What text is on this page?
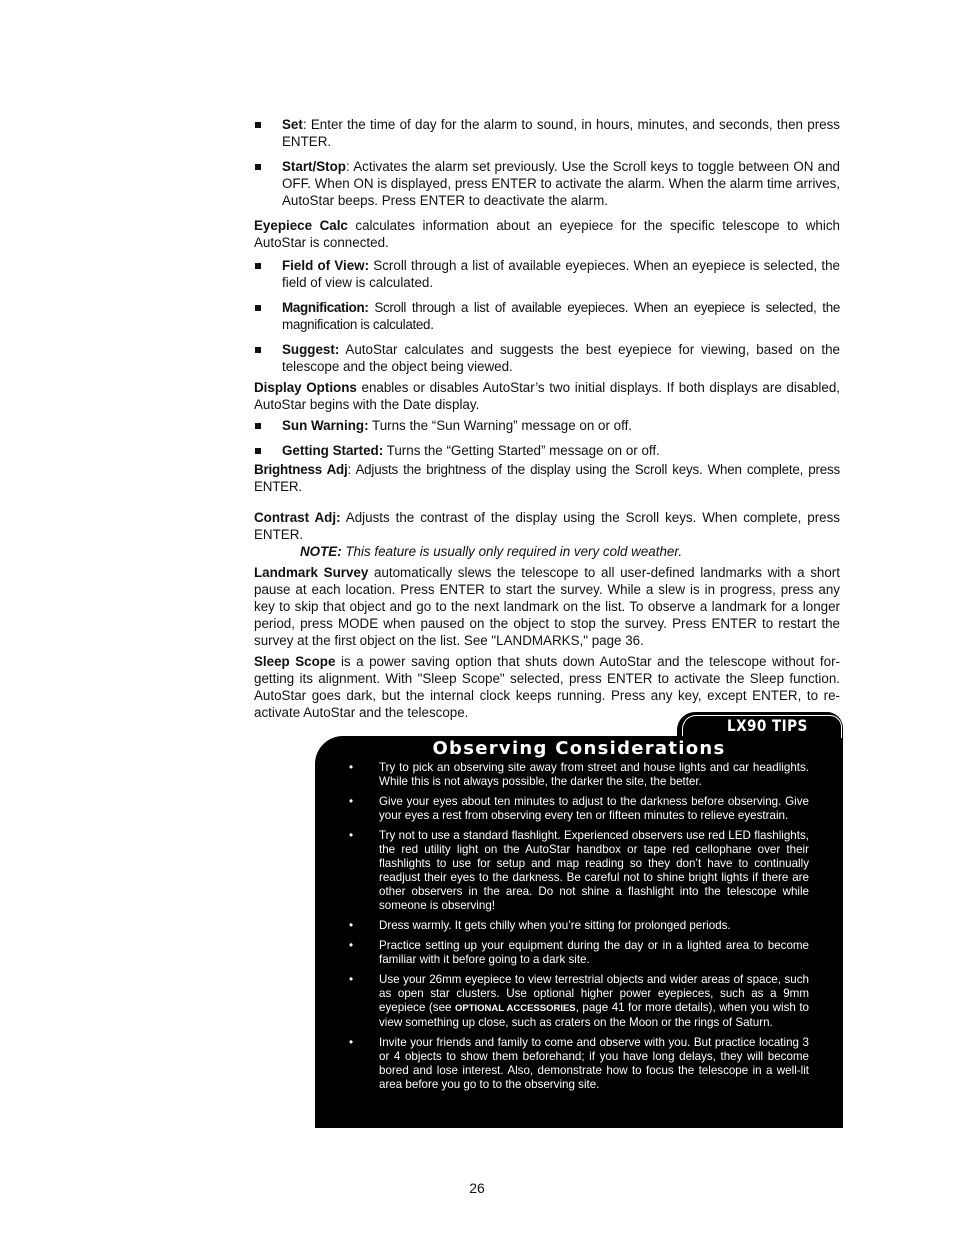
Set: Enter the time of day for the alarm to sound, in hours, minutes, and seconds, then press ENTER.
Start/Stop: Activates the alarm set previously. Use the Scroll keys to toggle between ON and OFF. When ON is displayed, press ENTER to activate the alarm. When the alarm time arrives, AutoStar beeps. Press ENTER to deactivate the alarm.

Eyepiece Calc calculates information about an eyepiece for the specific telescope to which AutoStar is connected.

Field of View: Scroll through a list of available eyepieces. When an eyepiece is selected, the field of view is calculated.
Magnification: Scroll through a list of available eyepieces. When an eyepiece is selected, the magnification is calculated.
Suggest: AutoStar calculates and suggests the best eyepiece for viewing, based on the telescope and the object being viewed.

Display Options enables or disables AutoStar’s two initial displays. If both displays are disabled, AutoStar begins with the Date display.

Sun Warning: Turns the “Sun Warning” message on or off.
Getting Started: Turns the “Getting Started” message on or off.

Brightness Adj: Adjusts the brightness of the display using the Scroll keys. When complete, press ENTER.

Contrast Adj: Adjusts the contrast of the display using the Scroll keys. When complete, press ENTER.

NOTE: This feature is usually only required in very cold weather.

Landmark Survey automatically slews the telescope to all user-defined landmarks with a short pause at each location. Press ENTER to start the survey. While a slew is in progress, press any key to skip that object and go to the next landmark on the list. To observe a landmark for a longer period, press MODE when paused on the object to stop the survey. Press ENTER to restart the survey at the first object on the list. See "LANDMARKS," page 36.

Sleep Scope is a power saving option that shuts down AutoStar and the telescope without for-getting its alignment. With "Sleep Scope" selected, press ENTER to activate the Sleep function. AutoStar goes dark, but the internal clock keeps running. Press any key, except ENTER, to re-activate AutoStar and the telescope.

LX90 TIPS
Observing Considerations
• Try to pick an observing site away from street and house lights and car headlights. While this is not always possible, the darker the site, the better.
• Give your eyes about ten minutes to adjust to the darkness before observing. Give your eyes a rest from observing every ten or fifteen minutes to relieve eyestrain.
• Try not to use a standard flashlight. Experienced observers use red LED flashlights, the red utility light on the AutoStar handbox or tape red cellophane over their flashlights to use for setup and map reading so they don’t have to continually readjust their eyes to the darkness. Be careful not to shine bright lights if there are other observers in the area. Do not shine a flashlight into the telescope while someone is observing!
• Dress warmly. It gets chilly when you’re sitting for prolonged periods.
• Practice setting up your equipment during the day or in a lighted area to become familiar with it before going to a dark site.
• Use your 26mm eyepiece to view terrestrial objects and wider areas of space, such as open star clusters. Use optional higher power eyepieces, such as a 9mm eyepiece (see OPTIONAL ACCESSORIES, page 41 for more details), when you wish to view something up close, such as craters on the Moon or the rings of Saturn.
• Invite your friends and family to come and observe with you. But practice locating 3 or 4 objects to show them beforehand; if you have long delays, they will become bored and lose interest. Also, demonstrate how to focus the telescope in a well-lit area before you go to to the observing site.
26
